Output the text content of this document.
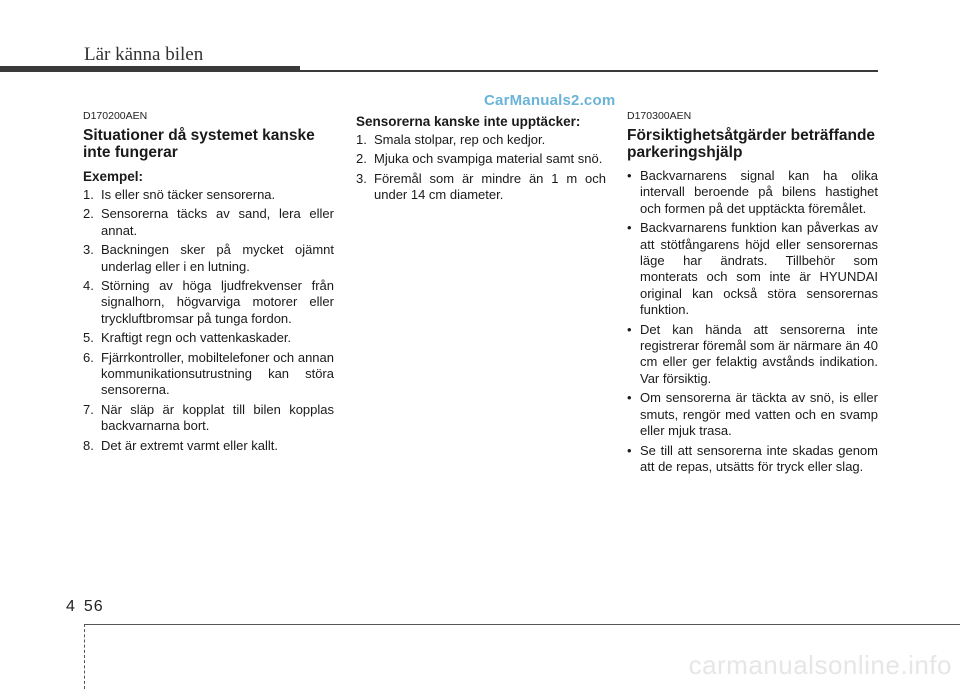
Lär känna bilen
CarManuals2.com
D170200AEN
Situationer då systemet kanske inte fungerar
Exempel:
1. Is eller snö täcker sensorerna.
2. Sensorerna täcks av sand, lera eller annat.
3. Backningen sker på mycket ojämnt underlag eller i en lutning.
4. Störning av höga ljudfrekvenser från signalhorn, högvarviga motorer eller tryckluftbromsar på tunga fordon.
5. Kraftigt regn och vattenkaskader.
6. Fjärrkontroller, mobiltelefoner och annan kommunikationsutrustning kan störa sensorerna.
7. När släp är kopplat till bilen kopplas backvarnarna bort.
8. Det är extremt varmt eller kallt.
Sensorerna kanske inte upptäcker:
1. Smala stolpar, rep och kedjor.
2. Mjuka och svampiga material samt snö.
3. Föremål som är mindre än 1 m och under 14 cm diameter.
D170300AEN
Försiktighetsåtgärder beträffande parkeringshjälp
• Backvarnarens signal kan ha olika intervall beroende på bilens hastighet och formen på det upptäckta föremålet.
• Backvarnarens funktion kan påverkas av att stötfångarens höjd eller sensorernas läge har ändrats. Tillbehör som monterats och som inte är HYUNDAI original kan också störa sensorernas funktion.
• Det kan hända att sensorerna inte registrerar föremål som är närmare än 40 cm eller ger felaktig avstånds indikation. Var försiktig.
• Om sensorerna är täckta av snö, is eller smuts, rengör med vatten och en svamp eller mjuk trasa.
• Se till att sensorerna inte skadas genom att de repas, utsätts för tryck eller slag.
4 56
carmanualsonline.info
